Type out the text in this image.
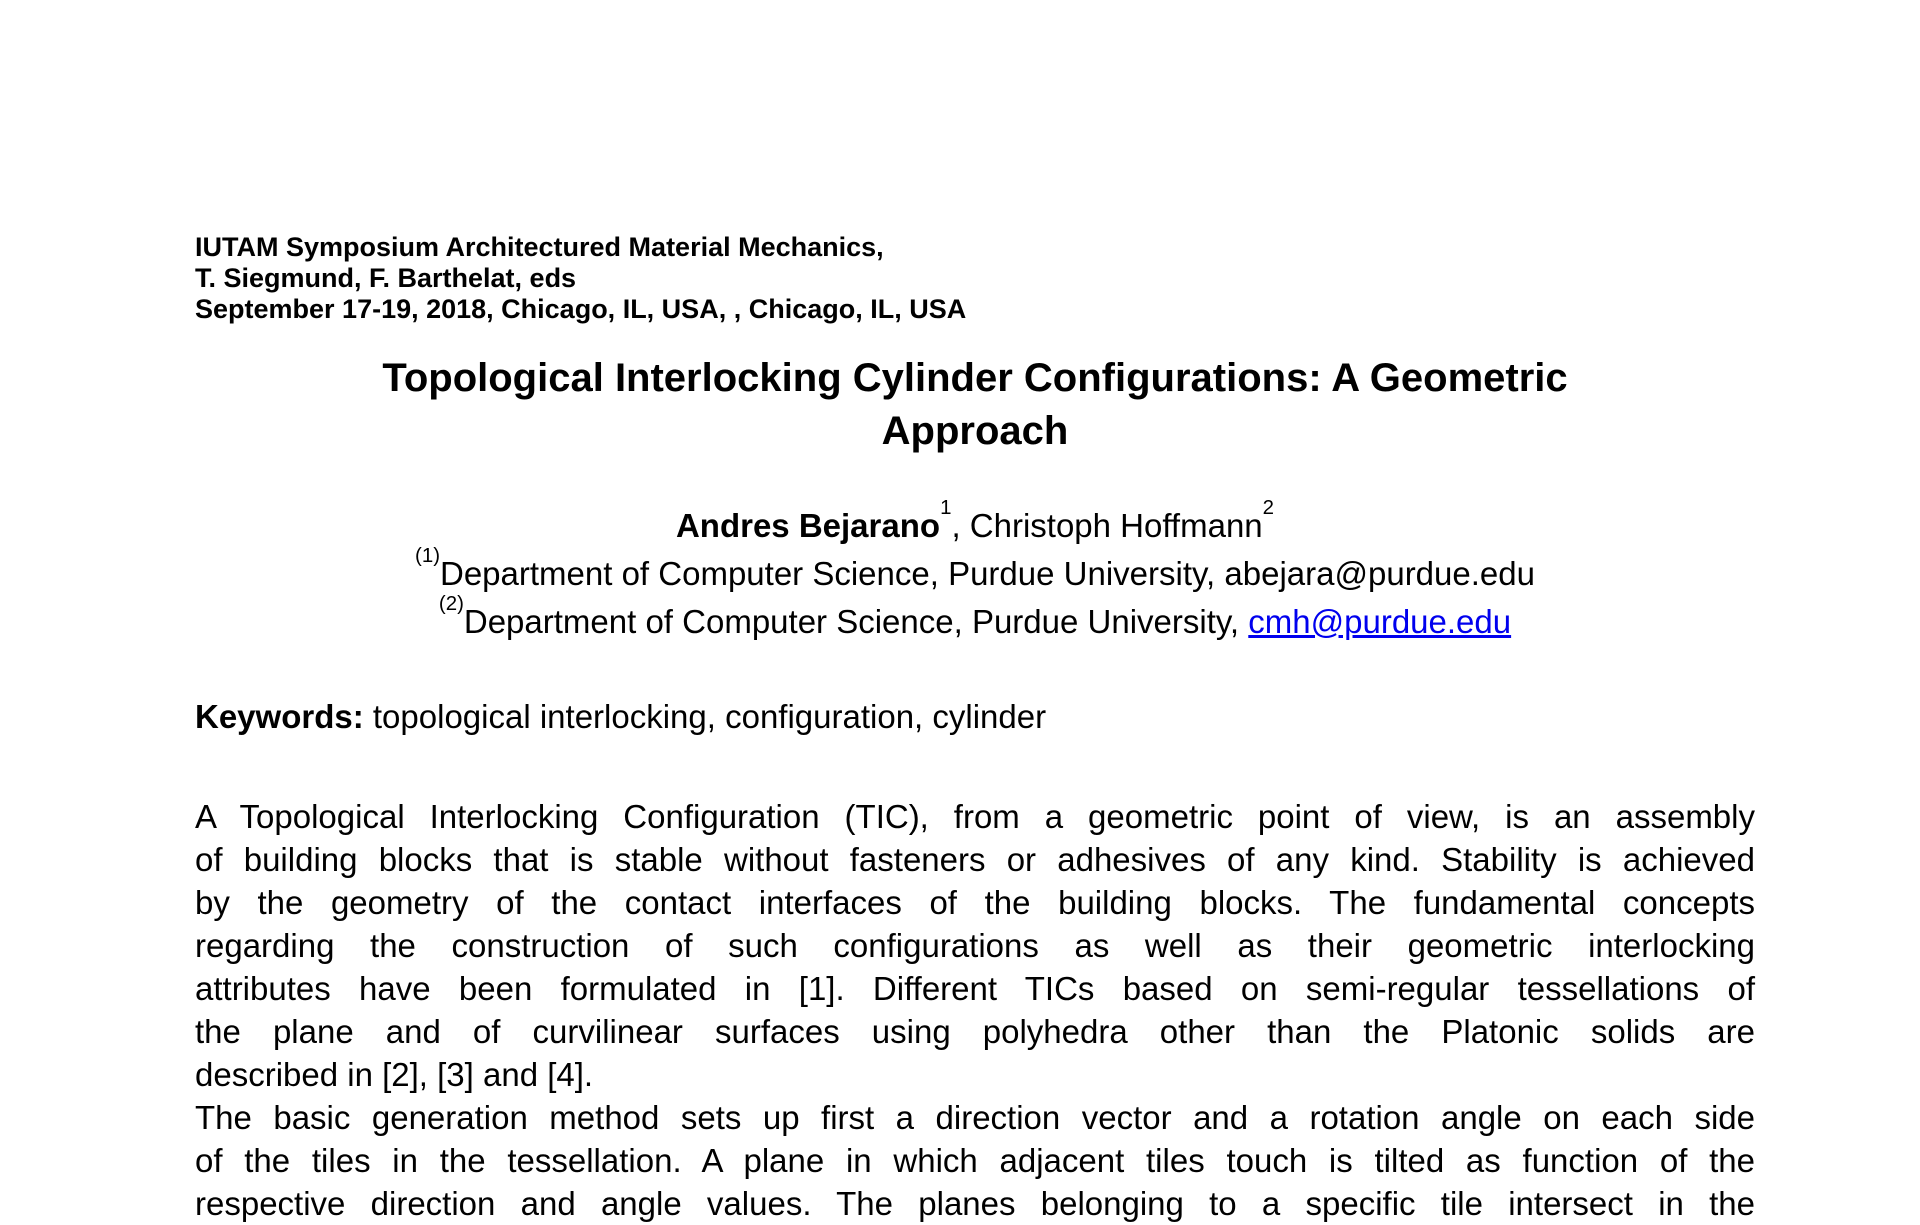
IUTAM Symposium Architectured Material Mechanics,
T. Siegmund, F. Barthelat, eds
September 17-19, 2018, Chicago, IL, USA, , Chicago, IL, USA
Topological Interlocking Cylinder Configurations: A Geometric
Approach
Andres Bejarano$^1$, Christoph Hoffmann$^2$
$^{(1)}$Department of Computer Science, Purdue University, abejara@purdue.edu
$^{(2)}$Department of Computer Science, Purdue University, cmh@purdue.edu
Keywords: topological interlocking, configuration, cylinder

A Topological Interlocking Configuration (TIC), from a geometric point of view, is an assembly
of building blocks that is stable without fasteners or adhesives of any kind. Stability is achieved
by the geometry of the contact interfaces of the building blocks. The fundamental concepts
regarding the construction of such configurations as well as their geometric interlocking
attributes have been formulated in [1]. Different TICs based on semi-regular tessellations of
the plane and of curvilinear surfaces using polyhedra other than the Platonic solids are
described in [2], [3] and [4].

The basic generation method sets up first a direction vector and a rotation angle on each side
of the tiles in the tessellation. A plane in which adjacent tiles touch is tilted as function of the
respective direction and angle values. The planes belonging to a specific tile intersect in the
